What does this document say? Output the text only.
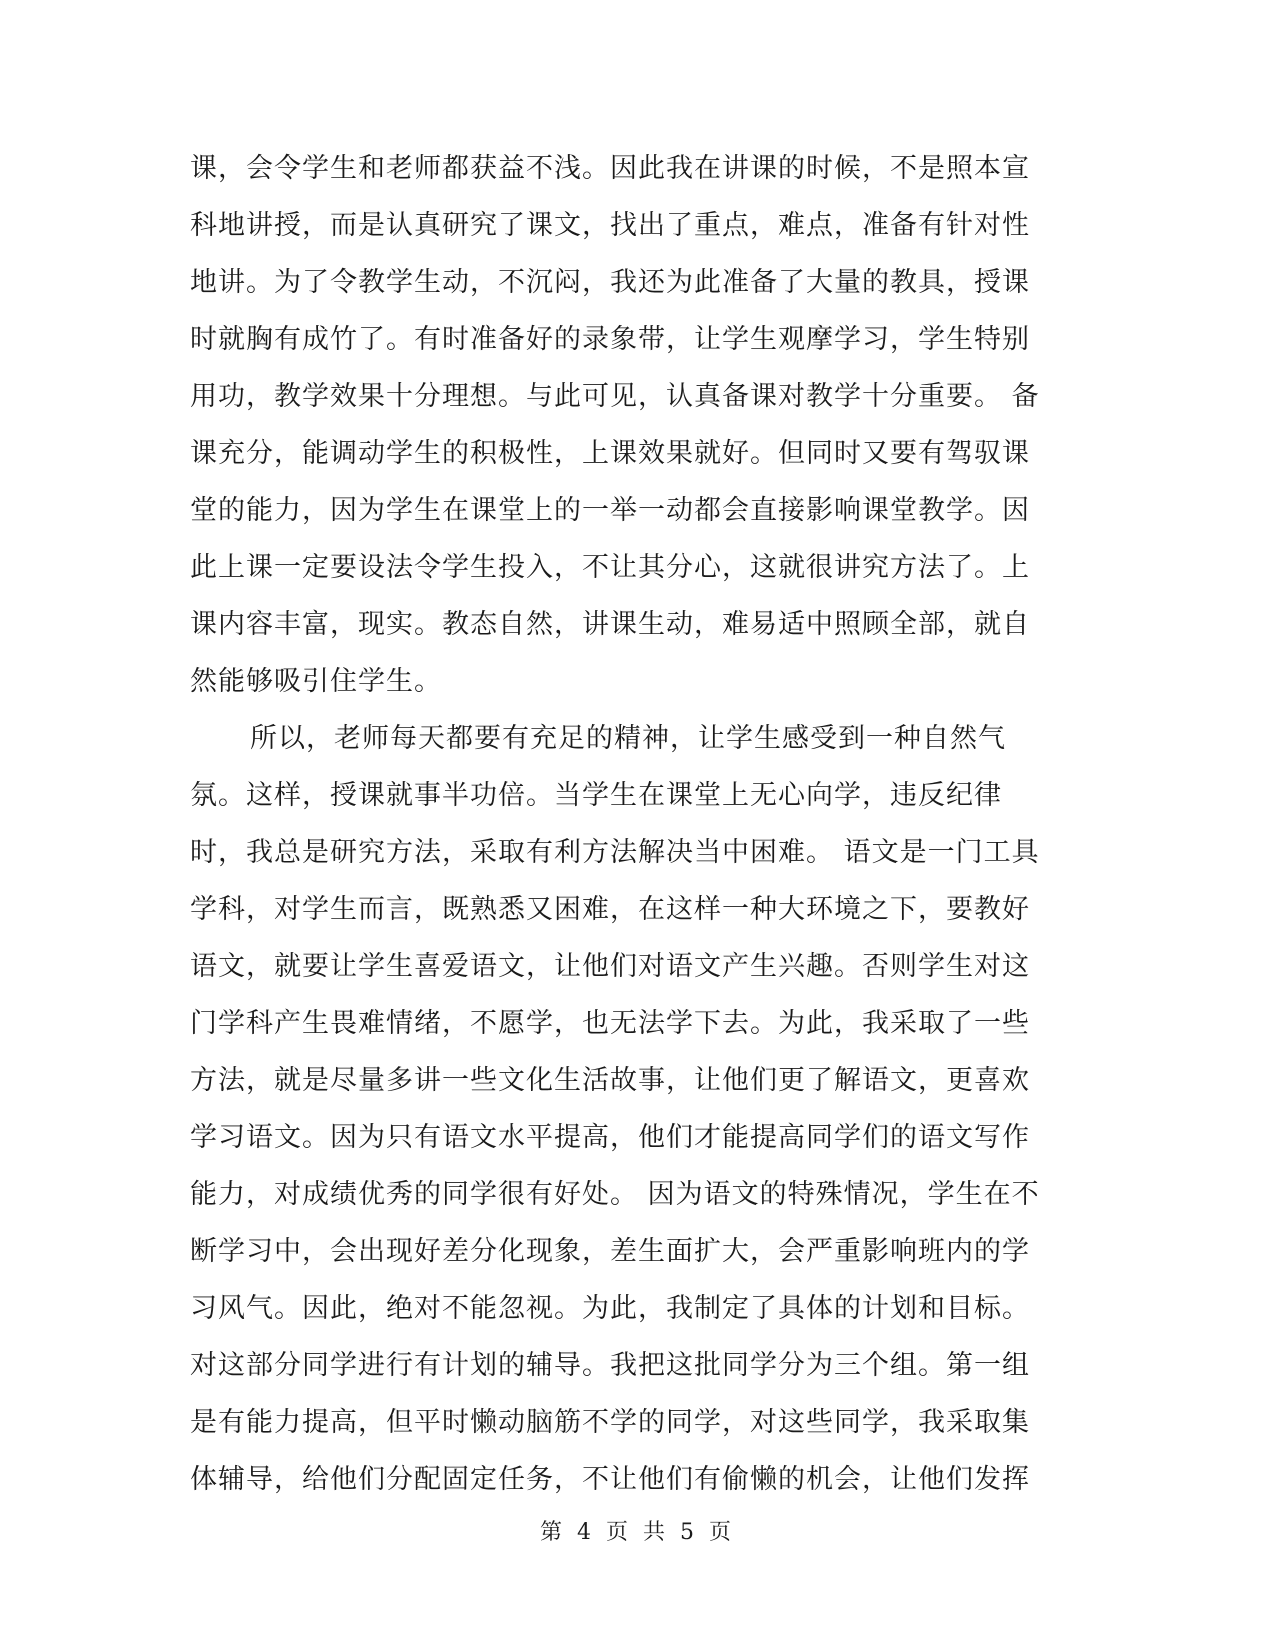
课，会令学生和老师都获益不浅。因此我在讲课的时候，不是照本宣
科地讲授，而是认真研究了课文，找出了重点，难点，准备有针对性
地讲。为了令教学生动，不沉闷，我还为此准备了大量的教具，授课
时就胸有成竹了。有时准备好的录象带，让学生观摩学习，学生特别
用功，教学效果十分理想。与此可见，认真备课对教学十分重要。 备
课充分，能调动学生的积极性，上课效果就好。但同时又要有驾驭课
堂的能力，因为学生在课堂上的一举一动都会直接影响课堂教学。因
此上课一定要设法令学生投入，不让其分心，这就很讲究方法了。上
课内容丰富，现实。教态自然，讲课生动，难易适中照顾全部，就自
然能够吸引住学生。
所以，老师每天都要有充足的精神，让学生感受到一种自然气
氛。这样，授课就事半功倍。当学生在课堂上无心向学，违反纪律
时，我总是研究方法，采取有利方法解决当中困难。 语文是一门工具
学科，对学生而言，既熟悉又困难，在这样一种大环境之下，要教好
语文，就要让学生喜爱语文，让他们对语文产生兴趣。否则学生对这
门学科产生畏难情绪，不愿学，也无法学下去。为此，我采取了一些
方法，就是尽量多讲一些文化生活故事，让他们更了解语文，更喜欢
学习语文。因为只有语文水平提高，他们才能提高同学们的语文写作
能力，对成绩优秀的同学很有好处。 因为语文的特殊情况，学生在不
断学习中，会出现好差分化现象，差生面扩大，会严重影响班内的学
习风气。因此，绝对不能忽视。为此，我制定了具体的计划和目标。
对这部分同学进行有计划的辅导。我把这批同学分为三个组。第一组
是有能力提高，但平时懒动脑筋不学的同学，对这些同学，我采取集
体辅导，给他们分配固定任务，不让他们有偷懒的机会，让他们发挥
第 4 页 共 5 页
